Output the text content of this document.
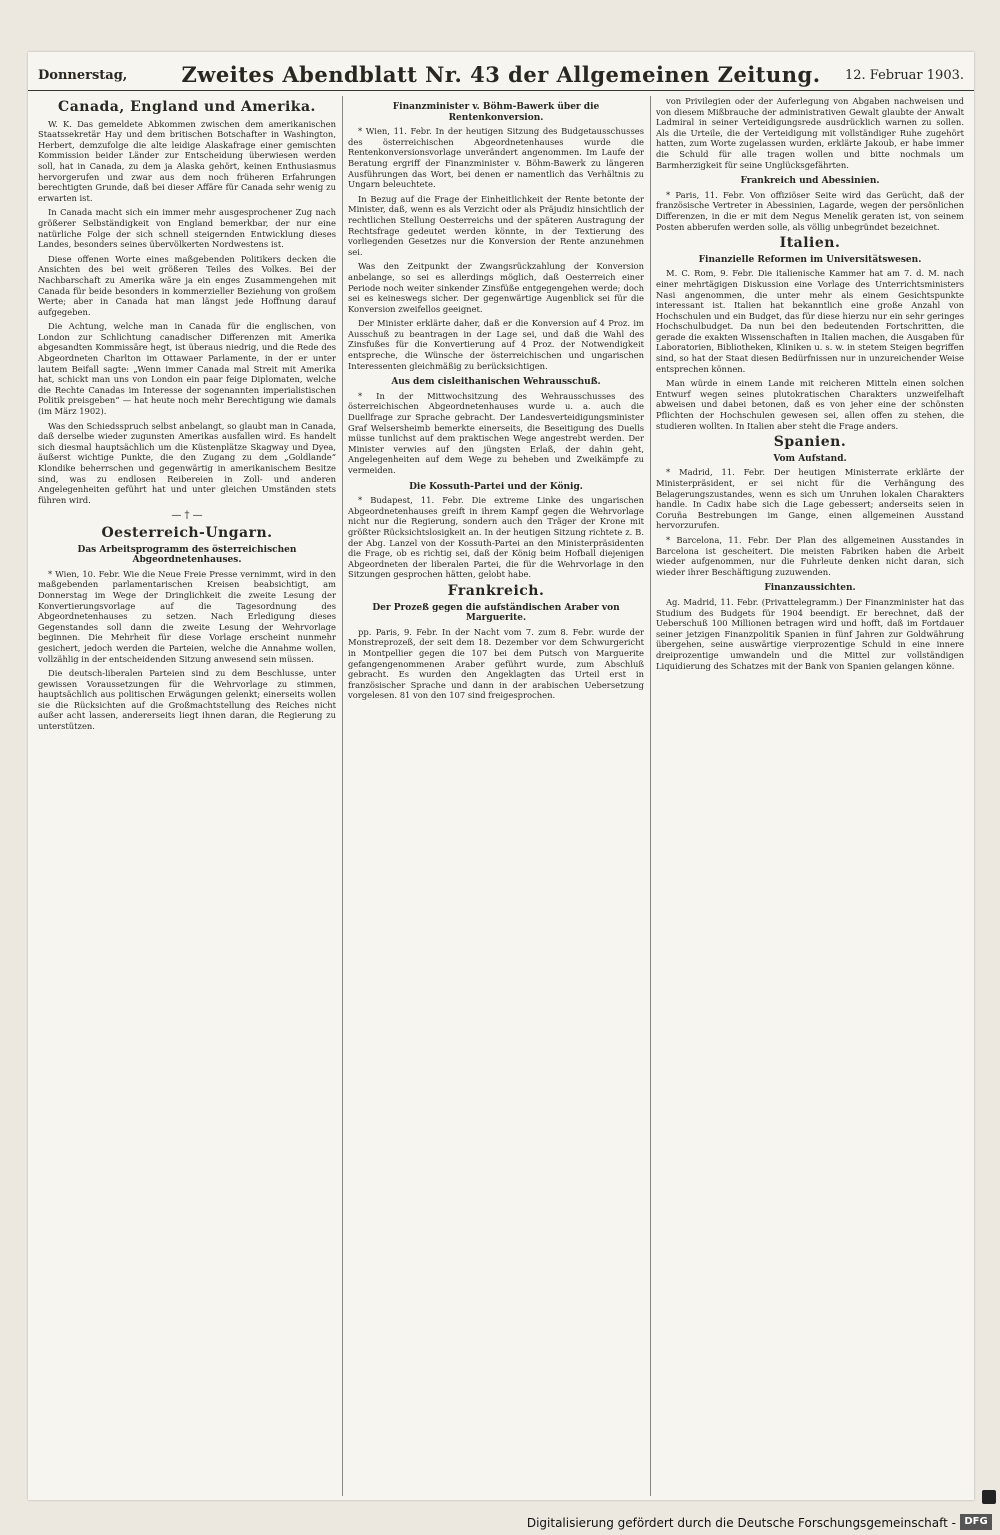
Donnerstag,	Zweites Abendblatt Nr. 43 der Allgemeinen Zeitung.	12. Februar 1903.
Canada, England und Amerika.

W. K. Das gemeldete Abkommen zwischen dem amerikanischen Staatssekretär Hay und dem britischen Botschafter in Washington, Herbert, demzufolge die alte leidige Alaskafrage einer gemischten Kommission beider Länder zur Entscheidung überwiesen werden soll, hat in Canada, zu dem ja Alaska gehört, keinen Enthusiasmus hervorgerufen und zwar aus dem noch früheren Erfahrungen berechtigten Grunde, daß bei dieser Affäre für Canada sehr wenig zu erwarten ist.

In Canada macht sich ein immer mehr ausgesprochener Zug nach größerer Selbständigkeit von England bemerkbar, der nur eine natürliche Folge der sich schnell steigernden Entwicklung dieses Landes, besonders seines übervölkerten Nordwestens ist.

Diese offenen Worte eines maßgebenden Politikers decken die Ansichten des bei weit größeren Teiles des Volkes. Bei der Nachbarschaft zu Amerika wäre ja ein enges Zusammengehen mit Canada für beide besonders in kommerzieller Beziehung von großem Werte; aber in Canada hat man längst jede Hoffnung darauf aufgegeben.

Die Achtung, welche man in Canada für die englischen, von London zur Schlichtung canadischer Differenzen mit Amerika abgesandten Kommissäre hegt, ist überaus niedrig, und die Rede des Abgeordneten Charlton im Ottawaer Parlamente, in der er unter lautem Beifall sagte: „Wenn immer Canada mal Streit mit Amerika hat, schickt man uns von London ein paar feige Diplomaten, welche die Rechte Canadas im Interesse der sogenannten imperialistischen Politik preisgeben“ — hat heute noch mehr Berechtigung wie damals (im März 1902).

Was den Schiedsspruch selbst anbelangt, so glaubt man in Canada, daß derselbe wieder zugunsten Amerikas ausfallen wird. Es handelt sich diesmal hauptsächlich um die Küstenplätze Skagway und Dyea, äußerst wichtige Punkte, die den Zugang zu dem „Goldlande“ Klondike beherrschen und gegenwärtig in amerikanischem Besitze sind, was zu endlosen Reibereien in Zoll- und anderen Angelegenheiten geführt hat und unter gleichen Umständen stets führen wird.

— † —
Oesterreich-Ungarn.
Das Arbeitsprogramm des österreichischen Abgeordnetenhauses.

* Wien, 10. Febr. Wie die Neue Freie Presse vernimmt, wird in den maßgebenden parlamentarischen Kreisen beabsichtigt, am Donnerstag im Wege der Dringlichkeit die zweite Lesung der Konvertierungsvorlage auf die Tagesordnung des Abgeordnetenhauses zu setzen. Nach Erledigung dieses Gegenstandes soll dann die zweite Lesung der Wehrvorlage beginnen. Die Mehrheit für diese Vorlage erscheint nunmehr gesichert, jedoch werden die Parteien, welche die Annahme wollen, vollzählig in der entscheidenden Sitzung anwesend sein müssen.

Die deutsch-liberalen Parteien sind zu dem Beschlusse, unter gewissen Voraussetzungen für die Wehrvorlage zu stimmen, hauptsächlich aus politischen Erwägungen gelenkt; einerseits wollen sie die Rücksichten auf die Großmachtstellung des Reiches nicht außer acht lassen, andererseits liegt ihnen daran, die Regierung zu unterstützen.

Finanzminister v. Böhm-Bawerk über die Rentenkonversion.

* Wien, 11. Febr. In der heutigen Sitzung des Budgetausschusses des österreichischen Abgeordnetenhauses wurde die Rentenkonversionsvorlage unverändert angenommen. Im Laufe der Beratung ergriff der Finanzminister v. Böhm-Bawerk zu längeren Ausführungen das Wort, bei denen er namentlich das Verhältnis zu Ungarn beleuchtete.

In Bezug auf die Frage der Einheitlichkeit der Rente betonte der Minister, daß, wenn es als Verzicht oder als Präjudiz hinsichtlich der rechtlichen Stellung Oesterreichs und der späteren Austragung der Rechtsfrage gedeutet werden könnte, in der Textierung des vorliegenden Gesetzes nur die Konversion der Rente anzunehmen sei.

Was den Zeitpunkt der Zwangsrückzahlung der Konversion anbelange, so sei es allerdings möglich, daß Oesterreich einer Periode noch weiter sinkender Zinsfüße entgegengehen werde; doch sei es keineswegs sicher. Der gegenwärtige Augenblick sei für die Konversion zweifellos geeignet.

Der Minister erklärte daher, daß er die Konversion auf 4 Proz. im Ausschuß zu beantragen in der Lage sei, und daß die Wahl des Zinsfußes für die Konvertierung auf 4 Proz. der Notwendigkeit entspreche, die Wünsche der österreichischen und ungarischen Interessenten gleichmäßig zu berücksichtigen.

Aus dem cisleithanischen Wehrausschuß.

* In der Mittwochsitzung des Wehrausschusses des österreichischen Abgeordnetenhauses wurde u. a. auch die Duellfrage zur Sprache gebracht. Der Landesverteidigungsminister Graf Welsersheimb bemerkte einerseits, die Beseitigung des Duells müsse tunlichst auf dem praktischen Wege angestrebt werden. Der Minister verwies auf den jüngsten Erlaß, der dahin geht, Angelegenheiten auf dem Wege zu beheben und Zweikämpfe zu vermeiden.

Die Kossuth-Partei und der König.

* Budapest, 11. Febr. Die extreme Linke des ungarischen Abgeordnetenhauses greift in ihrem Kampf gegen die Wehrvorlage nicht nur die Regierung, sondern auch den Träger der Krone mit größter Rücksichtslosigkeit an. In der heutigen Sitzung richtete z. B. der Abg. Lanzel von der Kossuth-Partei an den Ministerpräsidenten die Frage, ob es richtig sei, daß der König beim Hofball diejenigen Abgeordneten der liberalen Partei, die für die Wehrvorlage in den Sitzungen gesprochen hätten, gelobt habe.

Frankreich.
Der Prozeß gegen die aufständischen Araber von Marguerite.

pp. Paris, 9. Febr. In der Nacht vom 7. zum 8. Febr. wurde der Monstreprozeß, der seit dem 18. Dezember vor dem Schwurgericht in Montpellier gegen die 107 bei dem Putsch von Marguerite gefangengenommenen Araber geführt wurde, zum Abschluß gebracht. Es wurden den Angeklagten das Urteil erst in französischer Sprache und dann in der arabischen Uebersetzung vorgelesen. 81 von den 107 sind freigesprochen.

von Privilegien oder der Auferlegung von Abgaben nachweisen und von diesem Mißbrauche der administrativen Gewalt glaubte der Anwalt Ladmiral in seiner Verteidigungsrede ausdrücklich warnen zu sollen. Als die Urteile, die der Verteidigung mit vollständiger Ruhe zugehört hatten, zum Worte zugelassen wurden, erklärte Jakoub, er habe immer die Schuld für alle tragen wollen und bitte nochmals um Barmherzigkeit für seine Unglücksgefährten.

Frankreich und Abessinien.

* Paris, 11. Febr. Von offiziöser Seite wird das Gerücht, daß der französische Vertreter in Abessinien, Lagarde, wegen der persönlichen Differenzen, in die er mit dem Negus Menelik geraten ist, von seinem Posten abberufen werden solle, als völlig unbegründet bezeichnet.

Italien.
Finanzielle Reformen im Universitätswesen.

M. C. Rom, 9. Febr. Die italienische Kammer hat am 7. d. M. nach einer mehrtägigen Diskussion eine Vorlage des Unterrichtsministers Nasi angenommen, die unter mehr als einem Gesichtspunkte interessant ist. Italien hat bekanntlich eine große Anzahl von Hochschulen und ein Budget, das für diese hierzu nur ein sehr geringes Hochschulbudget. Da nun bei den bedeutenden Fortschritten, die gerade die exakten Wissenschaften in Italien machen, die Ausgaben für Laboratorien, Bibliotheken, Kliniken u. s. w. in stetem Steigen begriffen sind, so hat der Staat diesen Bedürfnissen nur in unzureichender Weise entsprechen können.

Man würde in einem Lande mit reicheren Mitteln einen solchen Entwurf wegen seines plutokratischen Charakters unzweifelhaft abweisen und dabei betonen, daß es von jeher eine der schönsten Pflichten der Hochschulen gewesen sei, allen offen zu stehen, die studieren wollten. In Italien aber steht die Frage anders.

Spanien.
Vom Aufstand.

* Madrid, 11. Febr. Der heutigen Ministerrate erklärte der Ministerpräsident, er sei nicht für die Verhängung des Belagerungszustandes, wenn es sich um Unruhen lokalen Charakters handle. In Cadix habe sich die Lage gebessert; anderseits seien in Coruña Bestrebungen im Gange, einen allgemeinen Ausstand hervorzurufen.

* Barcelona, 11. Febr. Der Plan des allgemeinen Ausstandes in Barcelona ist gescheitert. Die meisten Fabriken haben die Arbeit wieder aufgenommen, nur die Fuhrleute denken nicht daran, sich wieder ihrer Beschäftigung zuzuwenden.

Finanzaussichten.

Ag. Madrid, 11. Febr. (Privattelegramm.) Der Finanzminister hat das Studium des Budgets für 1904 beendigt. Er berechnet, daß der Ueberschuß 100 Millionen betragen wird und hofft, daß im Fortdauer seiner jetzigen Finanzpolitik Spanien in fünf Jahren zur Goldwährung übergehen, seine auswärtige vierprozentige Schuld in eine innere dreiprozentige umwandeln und die Mittel zur vollständigen Liquidierung des Schatzes mit der Bank von Spanien gelangen könne.

Digitalisierung gefördert durch die Deutsche Forschungsgemeinschaft - DFG
